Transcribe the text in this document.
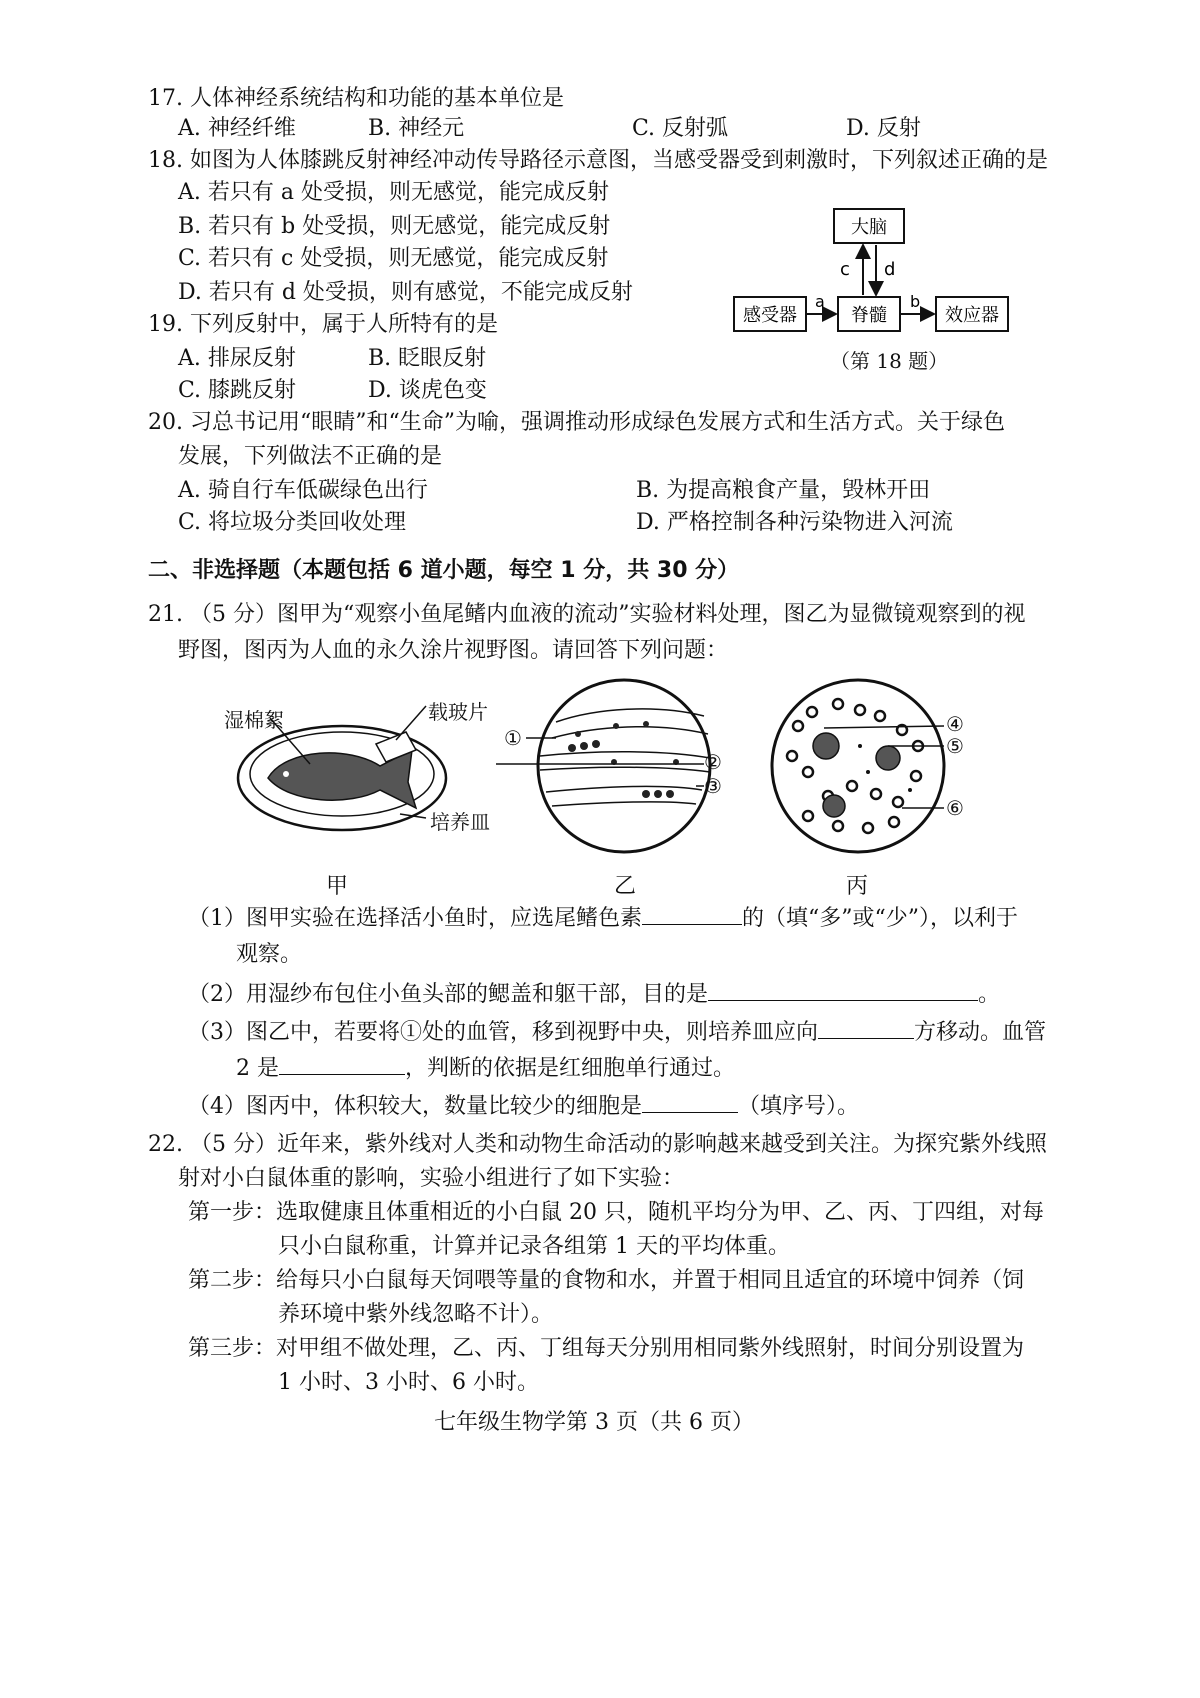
17. 人体神经系统结构和功能的基本单位是
A. 神经纤维	B. 神经元	C. 反射弧	D. 反射
18. 如图为人体膝跳反射神经冲动传导路径示意图，当感受器受到刺激时，下列叙述正确的是
A. 若只有 a 处受损，则无感觉，能完成反射
B. 若只有 b 处受损，则无感觉，能完成反射
C. 若只有 c 处受损，则无感觉，能完成反射
D. 若只有 d 处受损，则有感觉，不能完成反射
大脑
感受器	脊髓	效应器
a	b
c d
（第 18 题）
19. 下列反射中，属于人所特有的是
A. 排尿反射	B. 眨眼反射
C. 膝跳反射	D. 谈虎色变
20. 习总书记用“眼睛”和“生命”为喻，强调推动形成绿色发展方式和生活方式。关于绿色
发展，下列做法不正确的是
A. 骑自行车低碳绿色出行	B. 为提高粮食产量，毁林开田
C. 将垃圾分类回收处理	D. 严格控制各种污染物进入河流
二、非选择题（本题包括 6 道小题，每空 1 分，共 30 分）
21. （5 分）图甲为“观察小鱼尾鳍内血液的流动”实验材料处理，图乙为显微镜观察到的视
野图，图丙为人血的永久涂片视野图。请回答下列问题：
湿棉絮	载玻片
培养皿
①
②
③
④
⑤
⑥
甲	乙	丙
（1）图甲实验在选择活小鱼时，应选尾鳍色素	的（填“多”或“少”），以利于
观察。
（2）用湿纱布包住小鱼头部的鳃盖和躯干部，目的是	。
（3）图乙中，若要将①处的血管，移到视野中央，则培养皿应向	方移动。血管
2 是	，判断的依据是红细胞单行通过。
（4）图丙中，体积较大，数量比较少的细胞是	（填序号）。
22. （5 分）近年来，紫外线对人类和动物生命活动的影响越来越受到关注。为探究紫外线照
射对小白鼠体重的影响，实验小组进行了如下实验：
第一步：选取健康且体重相近的小白鼠 20 只，随机平均分为甲、乙、丙、丁四组，对每
只小白鼠称重，计算并记录各组第 1 天的平均体重。
第二步：给每只小白鼠每天饲喂等量的食物和水，并置于相同且适宜的环境中饲养（饲
养环境中紫外线忽略不计）。
第三步：对甲组不做处理，乙、丙、丁组每天分别用相同紫外线照射，时间分别设置为
1 小时、3 小时、6 小时。
七年级生物学第 3 页（共 6 页）
